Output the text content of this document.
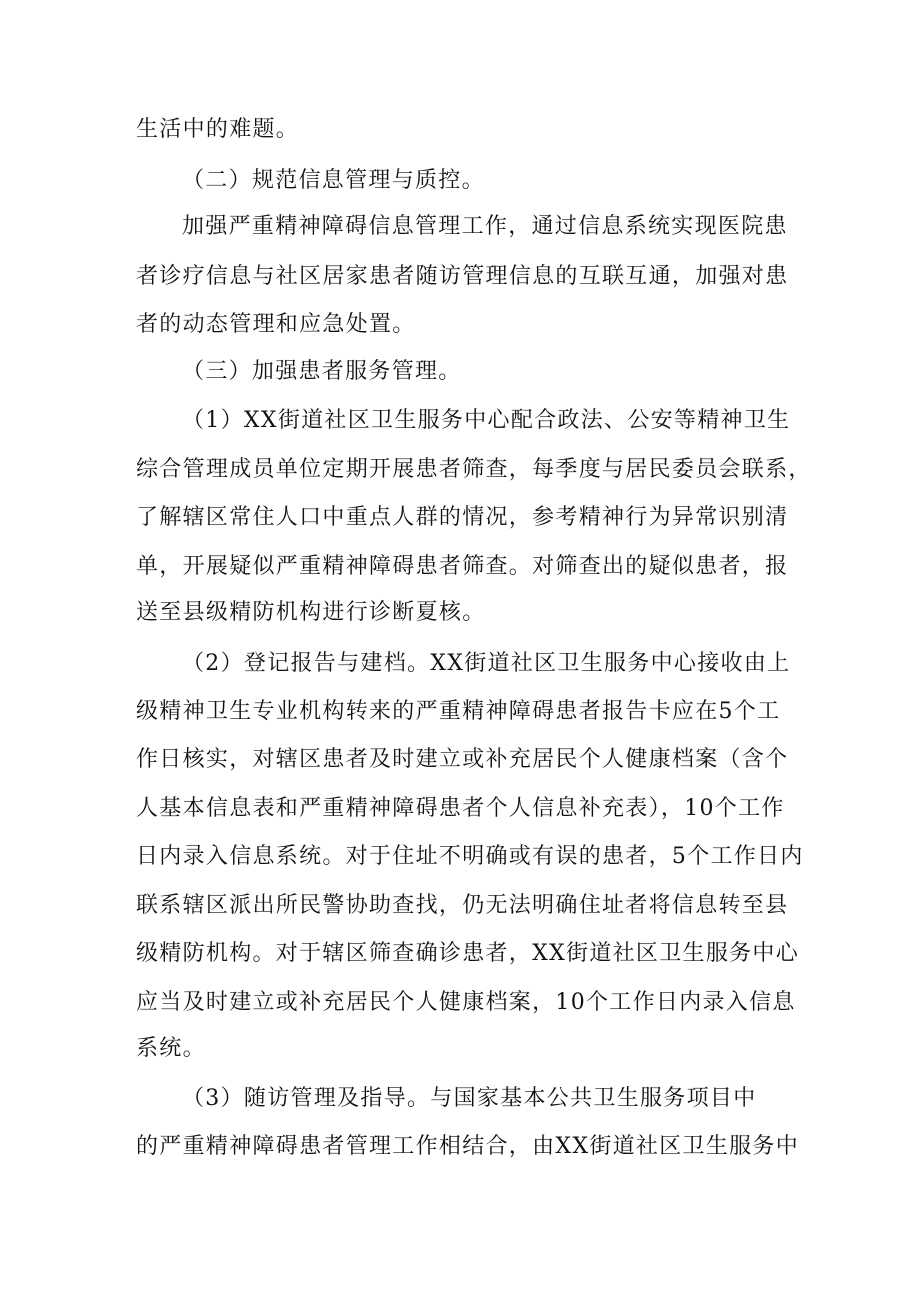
生活中的难题。
（二）规范信息管理与质控。
加强严重精神障碍信息管理工作，通过信息系统实现医院患
者诊疗信息与社区居家患者随访管理信息的互联互通，加强对患
者的动态管理和应急处置。
（三）加强患者服务管理。
（1）XX街道社区卫生服务中心配合政法、公安等精神卫生
综合管理成员单位定期开展患者筛查，每季度与居民委员会联系，
了解辖区常住人口中重点人群的情况，参考精神行为异常识别清
单，开展疑似严重精神障碍患者筛查。对筛查出的疑似患者，报
送至县级精防机构进行诊断夏核。
（2）登记报告与建档。XX街道社区卫生服务中心接收由上
级精神卫生专业机构转来的严重精神障碍患者报告卡应在5个工
作日核实，对辖区患者及时建立或补充居民个人健康档案（含个
人基本信息表和严重精神障碍患者个人信息补充表），10个工作
日内录入信息系统。对于住址不明确或有误的患者，5个工作日内
联系辖区派出所民警协助查找，仍无法明确住址者将信息转至县
级精防机构。对于辖区筛查确诊患者，XX街道社区卫生服务中心
应当及时建立或补充居民个人健康档案，10个工作日内录入信息
系统。
（3）随访管理及指导。与国家基本公共卫生服务项目中
的严重精神障碍患者管理工作相结合，由XX街道社区卫生服务中
